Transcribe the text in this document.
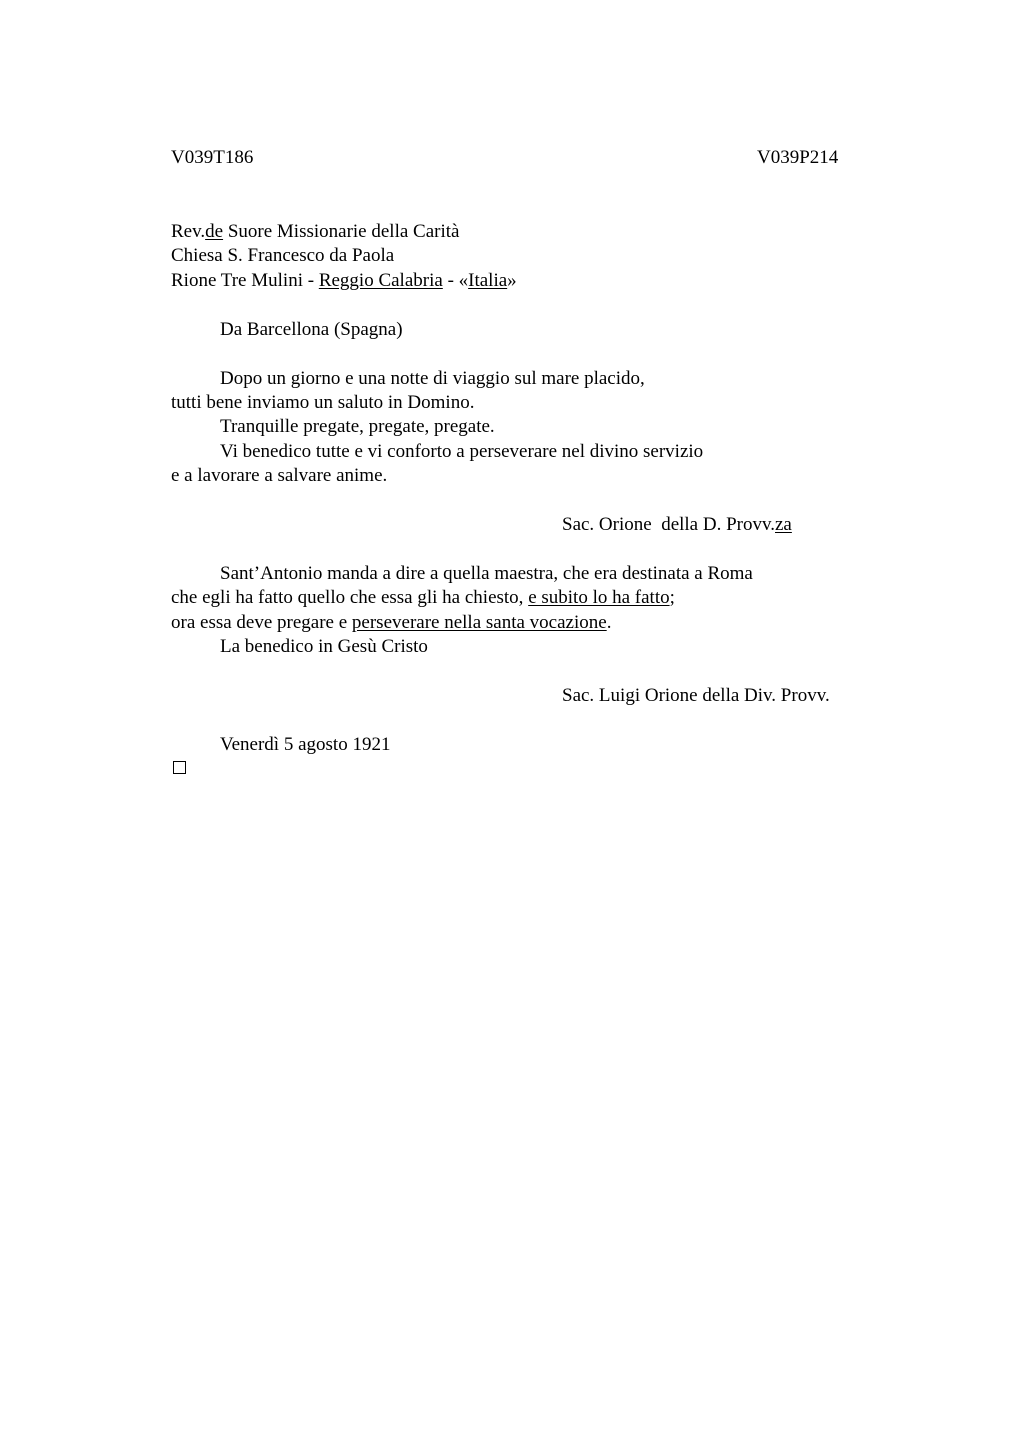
V039T186	V039P214
Rev.de Suore Missionarie della Carità
Chiesa S. Francesco da Paola
Rione Tre Mulini - Reggio Calabria - «Italia»
Da Barcellona (Spagna)
Dopo un giorno e una notte di viaggio sul mare placido,
tutti bene inviamo un saluto in Domino.
Tranquille pregate, pregate, pregate.
Vi benedico tutte e vi conforto a perseverare nel divino servizio
e a lavorare a salvare anime.
Sac. Orione  della D. Provv.za
Sant’Antonio manda a dire a quella maestra, che era destinata a Roma
che egli ha fatto quello che essa gli ha chiesto, e subito lo ha fatto;
ora essa deve pregare e perseverare nella santa vocazione.
La benedico in Gesù Cristo
Sac. Luigi Orione della Div. Provv.
Venerdì 5 agosto 1921
